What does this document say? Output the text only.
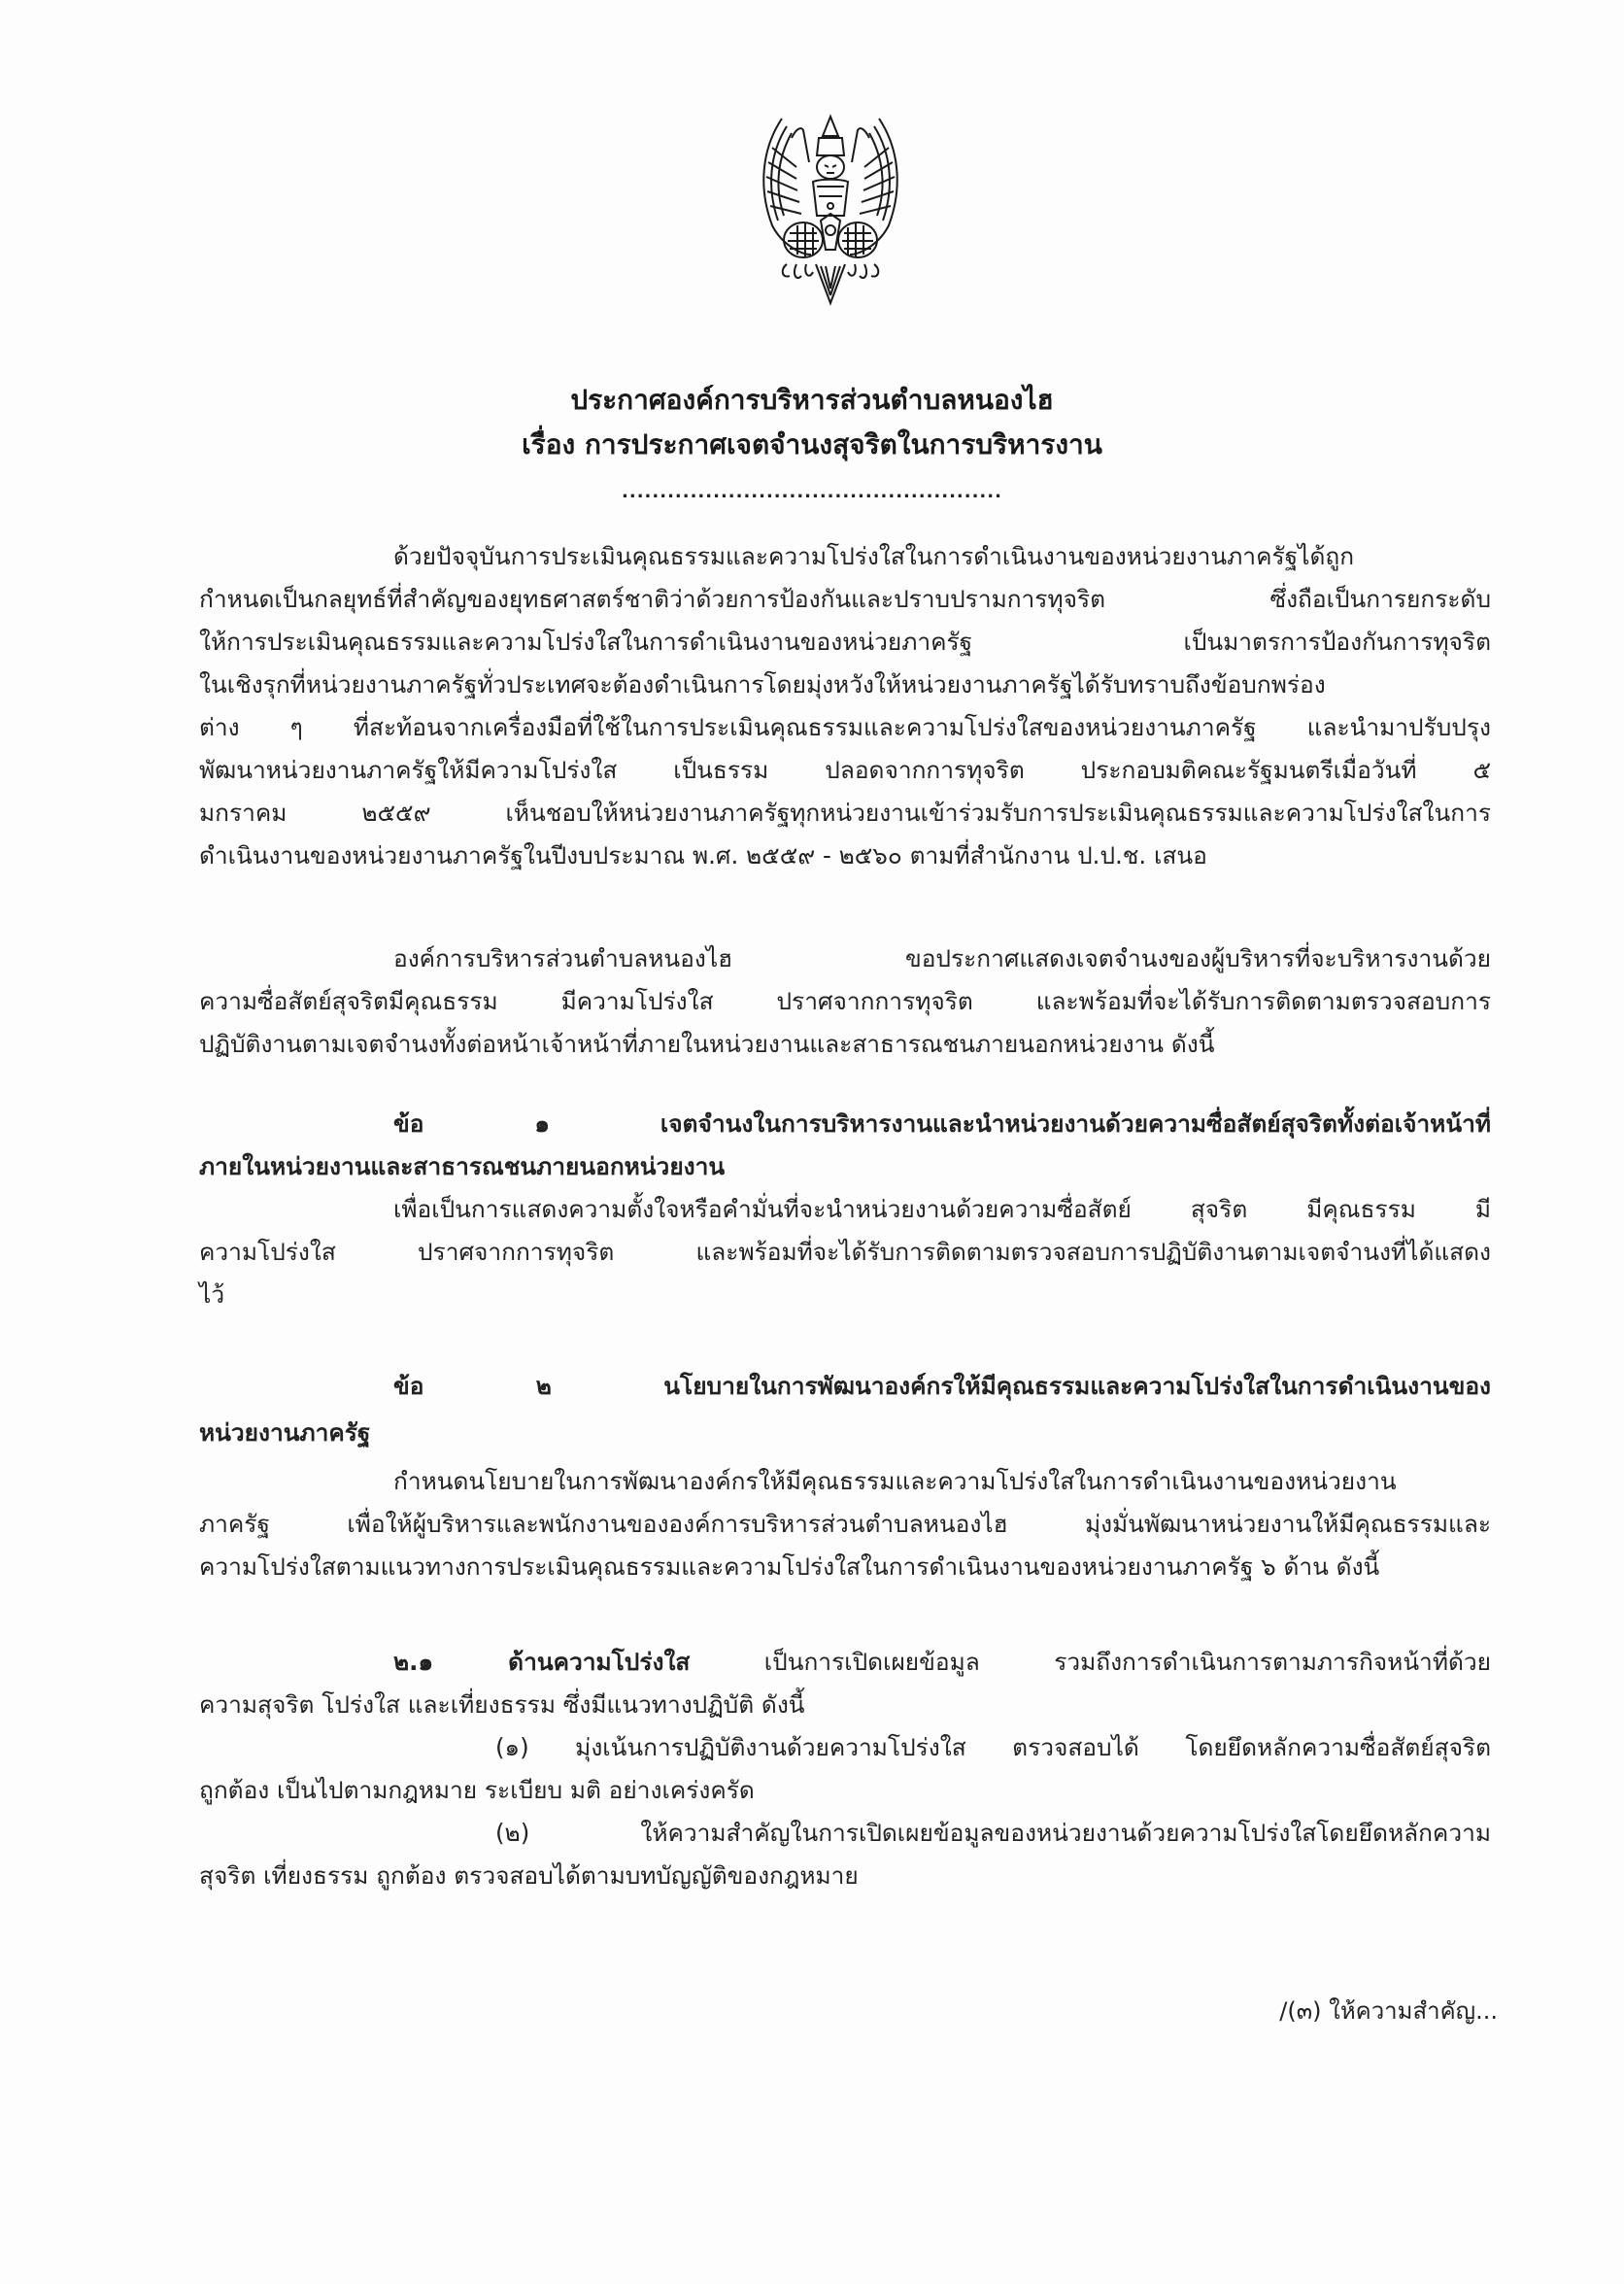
ประกาศองค์การบริหารส่วนตำบลหนองไฮ
เรื่อง การประกาศเจตจำนงสุจริตในการบริหารงาน
..................................................
ด้วยปัจจุบันการประเมินคุณธรรมและความโปร่งใสในการดำเนินงานของหน่วยงานภาครัฐได้ถูก
กำหนดเป็นกลยุทธ์ที่สำคัญของยุทธศาสตร์ชาติว่าด้วยการป้องกันและปราบปรามการทุจริต ซึ่งถือเป็นการยกระดับ
ให้การประเมินคุณธรรมและความโปร่งใสในการดำเนินงานของหน่วยภาครัฐ เป็นมาตรการป้องกันการทุจริต
ในเชิงรุกที่หน่วยงานภาครัฐทั่วประเทศจะต้องดำเนินการโดยมุ่งหวังให้หน่วยงานภาครัฐได้รับทราบถึงข้อบกพร่อง
ต่าง ๆ ที่สะท้อนจากเครื่องมือที่ใช้ในการประเมินคุณธรรมและความโปร่งใสของหน่วยงานภาครัฐ และนำมาปรับปรุง
พัฒนาหน่วยงานภาครัฐให้มีความโปร่งใส เป็นธรรม ปลอดจากการทุจริต ประกอบมติคณะรัฐมนตรีเมื่อวันที่ ๕
มกราคม ๒๕๕๙ เห็นชอบให้หน่วยงานภาครัฐทุกหน่วยงานเข้าร่วมรับการประเมินคุณธรรมและความโปร่งใสในการ
ดำเนินงานของหน่วยงานภาครัฐในปีงบประมาณ พ.ศ. ๒๕๕๙ - ๒๕๖๐ ตามที่สำนักงาน ป.ป.ช. เสนอ
องค์การบริหารส่วนตำบลหนองไฮ ขอประกาศแสดงเจตจำนงของผู้บริหารที่จะบริหารงานด้วย
ความซื่อสัตย์สุจริตมีคุณธรรม มีความโปร่งใส ปราศจากการทุจริต และพร้อมที่จะได้รับการติดตามตรวจสอบการ
ปฏิบัติงานตามเจตจำนงทั้งต่อหน้าเจ้าหน้าที่ภายในหน่วยงานและสาธารณชนภายนอกหน่วยงาน ดังนี้
ข้อ ๑ เจตจำนงในการบริหารงานและนำหน่วยงานด้วยความซื่อสัตย์สุจริตทั้งต่อเจ้าหน้าที่
ภายในหน่วยงานและสาธารณชนภายนอกหน่วยงาน
เพื่อเป็นการแสดงความตั้งใจหรือคำมั่นที่จะนำหน่วยงานด้วยความซื่อสัตย์ สุจริต มีคุณธรรม มี
ความโปร่งใส ปราศจากการทุจริต และพร้อมที่จะได้รับการติดตามตรวจสอบการปฏิบัติงานตามเจตจำนงที่ได้แสดง
ไว้
ข้อ ๒ นโยบายในการพัฒนาองค์กรให้มีคุณธรรมและความโปร่งใสในการดำเนินงานของ
หน่วยงานภาครัฐ
กำหนดนโยบายในการพัฒนาองค์กรให้มีคุณธรรมและความโปร่งใสในการดำเนินงานของหน่วยงาน
ภาครัฐ เพื่อให้ผู้บริหารและพนักงานขององค์การบริหารส่วนตำบลหนองไฮ มุ่งมั่นพัฒนาหน่วยงานให้มีคุณธรรมและ
ความโปร่งใสตามแนวทางการประเมินคุณธรรมและความโปร่งใสในการดำเนินงานของหน่วยงานภาครัฐ ๖ ด้าน ดังนี้
๒.๑ ด้านความโปร่งใส เป็นการเปิดเผยข้อมูล รวมถึงการดำเนินการตามภารกิจหน้าที่ด้วย
ความสุจริต โปร่งใส และเที่ยงธรรม ซึ่งมีแนวทางปฏิบัติ ดังนี้
(๑) มุ่งเน้นการปฏิบัติงานด้วยความโปร่งใส ตรวจสอบได้ โดยยึดหลักความซื่อสัตย์สุจริต
ถูกต้อง เป็นไปตามกฎหมาย ระเบียบ มติ อย่างเคร่งครัด
(๒) ให้ความสำคัญในการเปิดเผยข้อมูลของหน่วยงานด้วยความโปร่งใสโดยยึดหลักความ
สุจริต เที่ยงธรรม ถูกต้อง ตรวจสอบได้ตามบทบัญญัติของกฎหมาย
/(๓) ให้ความสำคัญ...
